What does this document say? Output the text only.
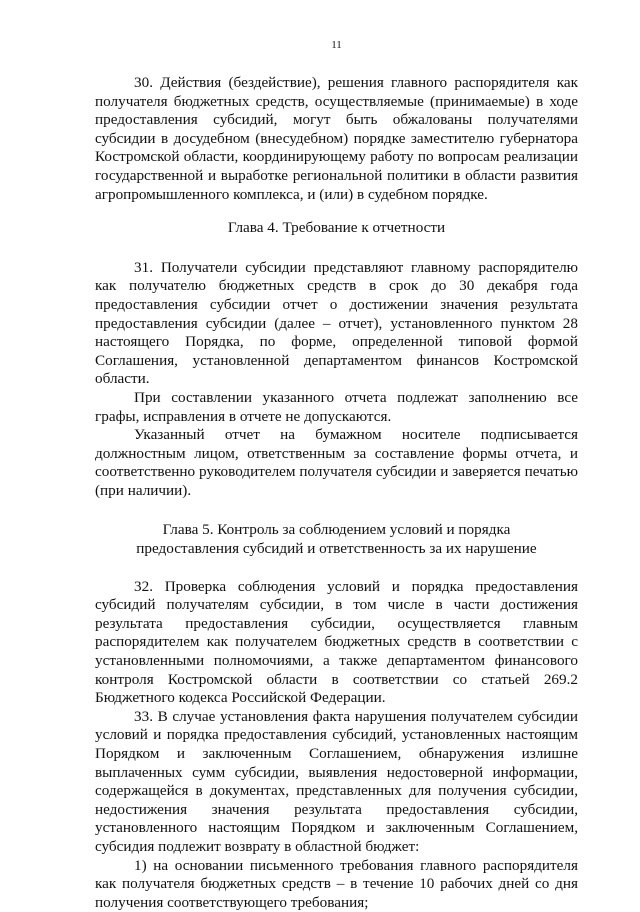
11

30. Действия (бездействие), решения главного распорядителя как получателя бюджетных средств, осуществляемые (принимаемые) в ходе предоставления субсидий, могут быть обжалованы получателями субсидии в досудебном (внесудебном) порядке заместителю губернатора Костромской области, координирующему работу по вопросам реализации государственной и выработке региональной политики в области развития агропромышленного комплекса, и (или) в судебном порядке.

Глава 4. Требование к отчетности

31. Получатели субсидии представляют главному распорядителю как получателю бюджетных средств в срок до 30 декабря года предоставления субсидии отчет о достижении значения результата предоставления субсидии (далее – отчет), установленного пунктом 28 настоящего Порядка, по форме, определенной типовой формой Соглашения, установленной департаментом финансов Костромской области.

При составлении указанного отчета подлежат заполнению все графы, исправления в отчете не допускаются.

Указанный отчет на бумажном носителе подписывается должностным лицом, ответственным за составление формы отчета, и соответственно руководителем получателя субсидии и заверяется печатью (при наличии).

Глава 5. Контроль за соблюдением условий и порядка

предоставления субсидий и ответственность за их нарушение

32. Проверка соблюдения условий и порядка предоставления субсидий получателям субсидии, в том числе в части достижения результата предоставления субсидии, осуществляется главным распорядителем как получателем бюджетных средств в соответствии с установленными полномочиями, а также департаментом финансового контроля Костромской области в соответствии со статьей 269.2 Бюджетного кодекса Российской Федерации.

33. В случае установления факта нарушения получателем субсидии условий и порядка предоставления субсидий, установленных настоящим Порядком и заключенным Соглашением, обнаружения излишне выплаченных сумм субсидии, выявления недостоверной информации, содержащейся в документах, представленных для получения субсидии, недостижения значения результата предоставления субсидии, установленного настоящим Порядком и заключенным Соглашением, субсидия подлежит возврату в областной бюджет:

1) на основании письменного требования главного распорядителя как получателя бюджетных средств – в течение 10 рабочих дней со дня получения соответствующего требования;
